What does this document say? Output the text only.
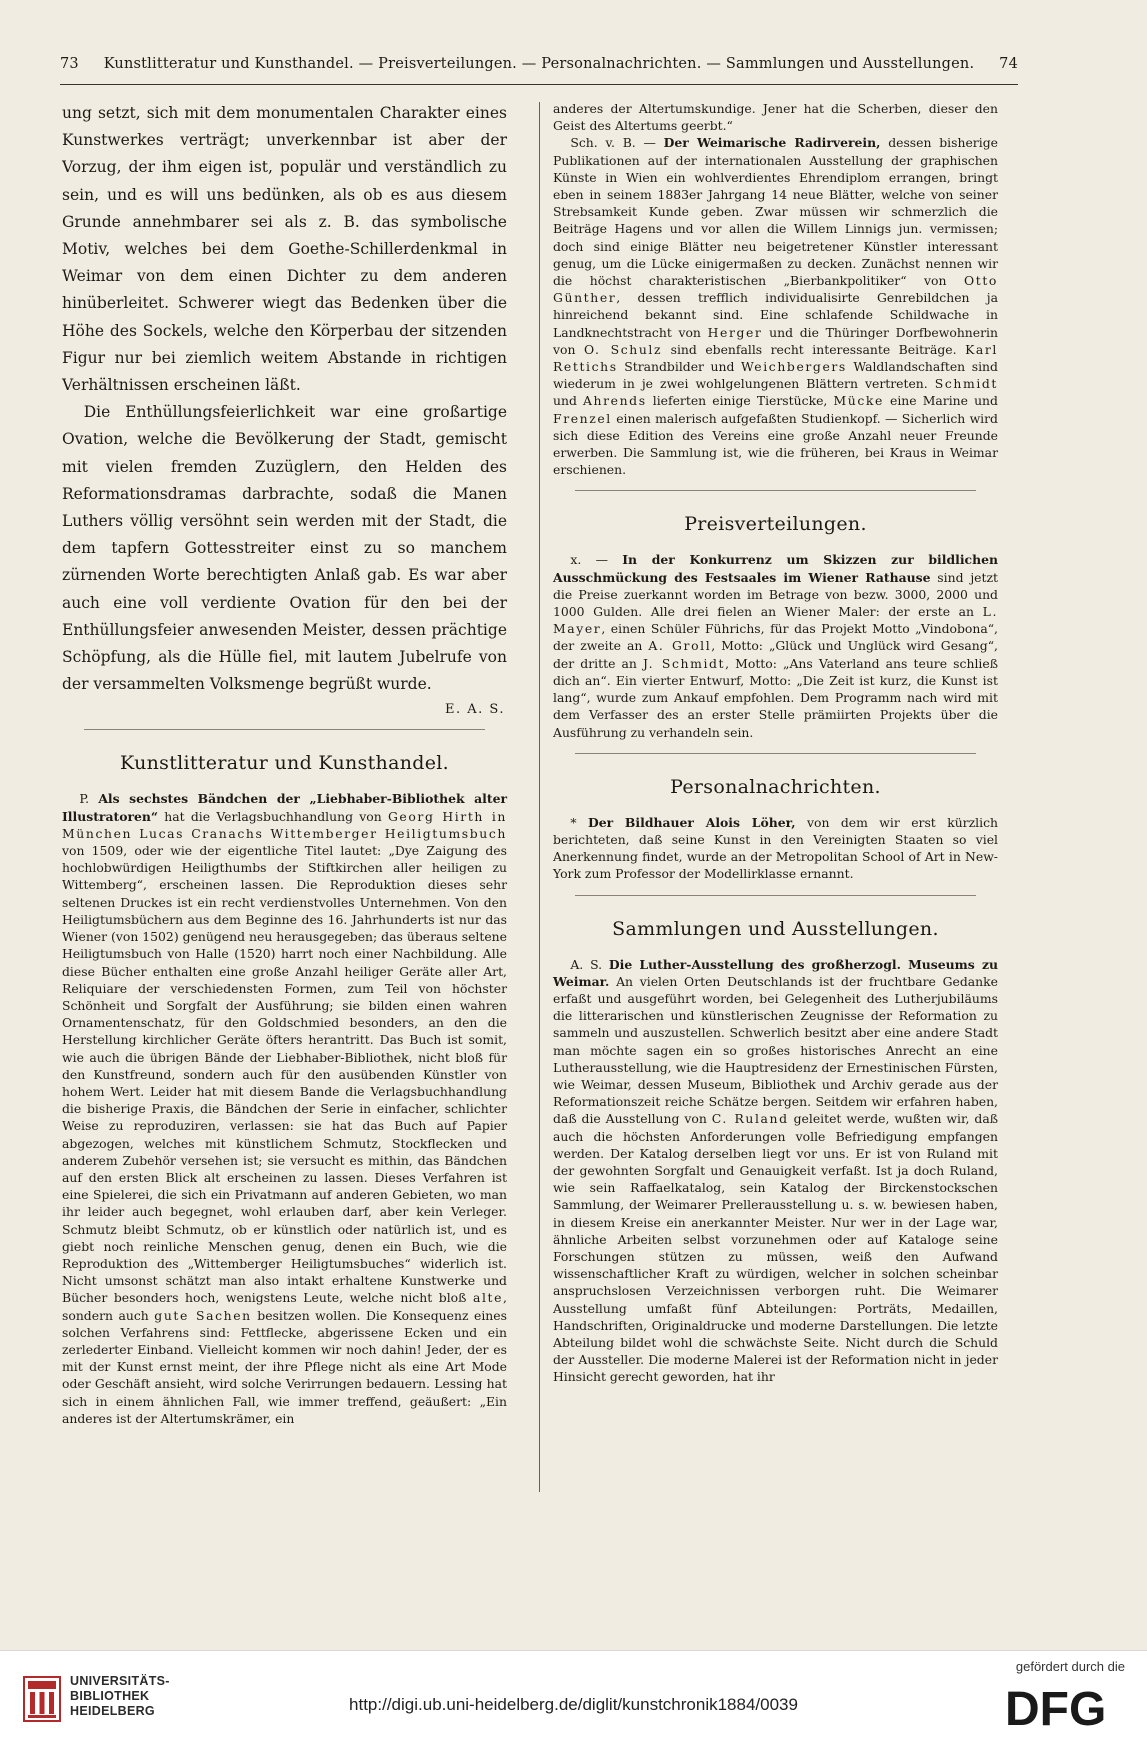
73	Kunstlitteratur und Kunsthandel. — Preisverteilungen. — Personalnachrichten. — Sammlungen und Ausstellungen.	74

ung setzt, sich mit dem monumentalen Charakter eines Kunstwerkes verträgt; unverkennbar ist aber der Vorzug, der ihm eigen ist, populär und verständlich zu sein, und es will uns bedünken, als ob es aus diesem Grunde annehmbarer sei als z. B. das symbolische Motiv, welches bei dem Goethe-Schillerdenkmal in Weimar von dem einen Dichter zu dem anderen hinüberleitet. Schwerer wiegt das Bedenken über die Höhe des Sockels, welche den Körperbau der sitzenden Figur nur bei ziemlich weitem Abstande in richtigen Verhältnissen erscheinen läßt.

Die Enthüllungsfeierlichkeit war eine großartige Ovation, welche die Bevölkerung der Stadt, gemischt mit vielen fremden Zuzüglern, den Helden des Reformationsdramas darbrachte, sodaß die Manen Luthers völlig versöhnt sein werden mit der Stadt, die dem tapfern Gottesstreiter einst zu so manchem zürnenden Worte berechtigten Anlaß gab. Es war aber auch eine voll verdiente Ovation für den bei der Enthüllungsfeier anwesenden Meister, dessen prächtige Schöpfung, als die Hülle fiel, mit lautem Jubelrufe von der versammelten Volksmenge begrüßt wurde.

E. A. S.

Kunstlitteratur und Kunsthandel.

P. Als sechstes Bändchen der „Liebhaber-Bibliothek alter Illustratoren“ hat die Verlagsbuchhandlung von Georg Hirth in München Lucas Cranachs Wittemberger Heiligtumsbuch von 1509, oder wie der eigentliche Titel lautet: „Dye Zaigung des hochlobwürdigen Heiligthumbs der Stiftkirchen aller heiligen zu Wittemberg“, erscheinen lassen. Die Reproduktion dieses sehr seltenen Druckes ist ein recht verdienstvolles Unternehmen. Von den Heiligtumsbüchern aus dem Beginne des 16. Jahrhunderts ist nur das Wiener (von 1502) genügend neu herausgegeben; das überaus seltene Heiligtumsbuch von Halle (1520) harrt noch einer Nachbildung. Alle diese Bücher enthalten eine große Anzahl heiliger Geräte aller Art, Reliquiare der verschiedensten Formen, zum Teil von höchster Schönheit und Sorgfalt der Ausführung; sie bilden einen wahren Ornamentenschatz, für den Goldschmied besonders, an den die Herstellung kirchlicher Geräte öfters herantritt. Das Buch ist somit, wie auch die übrigen Bände der Liebhaber-Bibliothek, nicht bloß für den Kunstfreund, sondern auch für den ausübenden Künstler von hohem Wert. Leider hat mit diesem Bande die Verlagsbuchhandlung die bisherige Praxis, die Bändchen der Serie in einfacher, schlichter Weise zu reproduziren, verlassen: sie hat das Buch auf Papier abgezogen, welches mit künstlichem Schmutz, Stockflecken und anderem Zubehör versehen ist; sie versucht es mithin, das Bändchen auf den ersten Blick alt erscheinen zu lassen. Dieses Verfahren ist eine Spielerei, die sich ein Privatmann auf anderen Gebieten, wo man ihr leider auch begegnet, wohl erlauben darf, aber kein Verleger. Schmutz bleibt Schmutz, ob er künstlich oder natürlich ist, und es giebt noch reinliche Menschen genug, denen ein Buch, wie die Reproduktion des „Wittemberger Heiligtumsbuches“ widerlich ist. Nicht umsonst schätzt man also intakt erhaltene Kunstwerke und Bücher besonders hoch, wenigstens Leute, welche nicht bloß alte, sondern auch gute Sachen besitzen wollen. Die Konsequenz eines solchen Verfahrens sind: Fettflecke, abgerissene Ecken und ein zerlederter Einband. Vielleicht kommen wir noch dahin! Jeder, der es mit der Kunst ernst meint, der ihre Pflege nicht als eine Art Mode oder Geschäft ansieht, wird solche Verirrungen bedauern. Lessing hat sich in einem ähnlichen Fall, wie immer treffend, geäußert: „Ein anderes ist der Altertumskrämer, ein

anderes der Altertumskundige. Jener hat die Scherben, dieser den Geist des Altertums geerbt.“

Sch. v. B. — Der Weimarische Radirverein, dessen bisherige Publikationen auf der internationalen Ausstellung der graphischen Künste in Wien ein wohlverdientes Ehrendiplom errangen, bringt eben in seinem 1883er Jahrgang 14 neue Blätter, welche von seiner Strebsamkeit Kunde geben. Zwar müssen wir schmerzlich die Beiträge Hagens und vor allen die Willem Linnigs jun. vermissen; doch sind einige Blätter neu beigetretener Künstler interessant genug, um die Lücke einigermaßen zu decken. Zunächst nennen wir die höchst charakteristischen „Bierbankpolitiker“ von Otto Günther, dessen trefflich individualisirte Genrebildchen ja hinreichend bekannt sind. Eine schlafende Schildwache in Landknechtstracht von Herger und die Thüringer Dorfbewohnerin von O. Schulz sind ebenfalls recht interessante Beiträge. Karl Rettichs Strandbilder und Weichbergers Waldlandschaften sind wiederum in je zwei wohlgelungenen Blättern vertreten. Schmidt und Ahrends lieferten einige Tierstücke, Mücke eine Marine und Frenzel einen malerisch aufgefaßten Studienkopf. — Sicherlich wird sich diese Edition des Vereins eine große Anzahl neuer Freunde erwerben. Die Sammlung ist, wie die früheren, bei Kraus in Weimar erschienen.

Preisverteilungen.

x. — In der Konkurrenz um Skizzen zur bildlichen Ausschmückung des Festsaales im Wiener Rathause sind jetzt die Preise zuerkannt worden im Betrage von bezw. 3000, 2000 und 1000 Gulden. Alle drei fielen an Wiener Maler: der erste an L. Mayer, einen Schüler Führichs, für das Projekt Motto „Vindobona“, der zweite an A. Groll, Motto: „Glück und Unglück wird Gesang“, der dritte an J. Schmidt, Motto: „Ans Vaterland ans teure schließ dich an“. Ein vierter Entwurf, Motto: „Die Zeit ist kurz, die Kunst ist lang“, wurde zum Ankauf empfohlen. Dem Programm nach wird mit dem Verfasser des an erster Stelle prämiirten Projekts über die Ausführung zu verhandeln sein.

Personalnachrichten.

* Der Bildhauer Alois Löher, von dem wir erst kürzlich berichteten, daß seine Kunst in den Vereinigten Staaten so viel Anerkennung findet, wurde an der Metropolitan School of Art in New-York zum Professor der Modellirklasse ernannt.

Sammlungen und Ausstellungen.

A. S. Die Luther-Ausstellung des großherzogl. Museums zu Weimar. An vielen Orten Deutschlands ist der fruchtbare Gedanke erfaßt und ausgeführt worden, bei Gelegenheit des Lutherjubiläums die litterarischen und künstlerischen Zeugnisse der Reformation zu sammeln und auszustellen. Schwerlich besitzt aber eine andere Stadt man möchte sagen ein so großes historisches Anrecht an eine Lutherausstellung, wie die Hauptresidenz der Ernestinischen Fürsten, wie Weimar, dessen Museum, Bibliothek und Archiv gerade aus der Reformationszeit reiche Schätze bergen. Seitdem wir erfahren haben, daß die Ausstellung von C. Ruland geleitet werde, wußten wir, daß auch die höchsten Anforderungen volle Befriedigung empfangen werden. Der Katalog derselben liegt vor uns. Er ist von Ruland mit der gewohnten Sorgfalt und Genauigkeit verfaßt. Ist ja doch Ruland, wie sein Raffaelkatalog, sein Katalog der Birckenstockschen Sammlung, der Weimarer Prellerausstellung u. s. w. bewiesen haben, in diesem Kreise ein anerkannter Meister. Nur wer in der Lage war, ähnliche Arbeiten selbst vorzunehmen oder auf Kataloge seine Forschungen stützen zu müssen, weiß den Aufwand wissenschaftlicher Kraft zu würdigen, welcher in solchen scheinbar anspruchslosen Verzeichnissen verborgen ruht. Die Weimarer Ausstellung umfaßt fünf Abteilungen: Porträts, Medaillen, Handschriften, Originaldrucke und moderne Darstellungen. Die letzte Abteilung bildet wohl die schwächste Seite. Nicht durch die Schuld der Aussteller. Die moderne Malerei ist der Reformation nicht in jeder Hinsicht gerecht geworden, hat ihr

UNIVERSITÄTS-
BIBLIOTHEK
HEIDELBERG	http://digi.ub.uni-heidelberg.de/diglit/kunstchronik1884/0039
gefördert durch die
DFG
